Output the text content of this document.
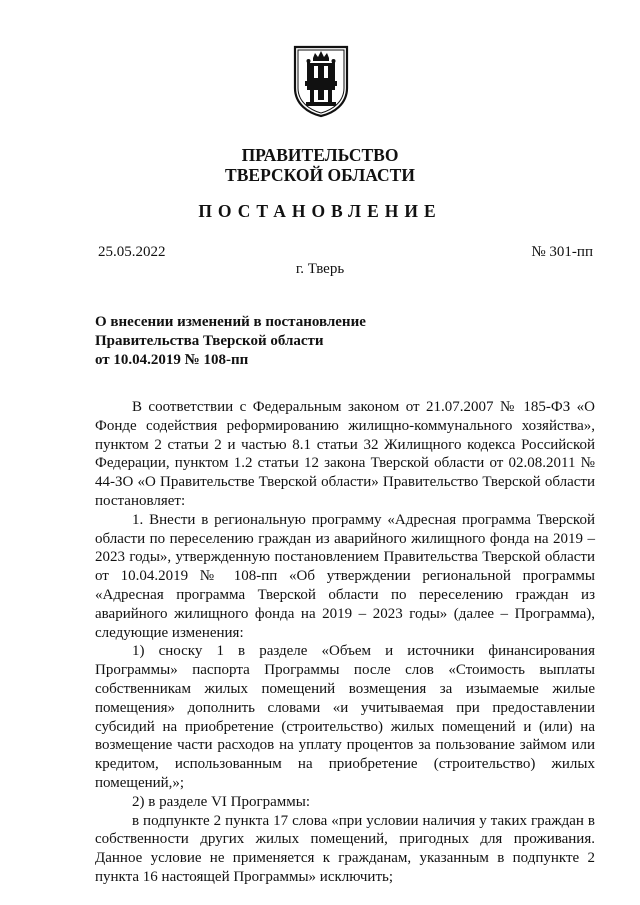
ПРАВИТЕЛЬСТВО
ТВЕРСКОЙ ОБЛАСТИ
ПОСТАНОВЛЕНИЕ
25.05.2022	№ 301-пп
г. Тверь
О внесении изменений в постановление
Правительства Тверской области
от 10.04.2019 № 108-пп

В соответствии с Федеральным законом от 21.07.2007 № 185-ФЗ «О Фонде содействия реформированию жилищно-коммунального хозяйства», пунктом 2 статьи 2 и частью 8.1 статьи 32 Жилищного кодекса Российской Федерации, пунктом 1.2 статьи 12 закона Тверской области от 02.08.2011 № 44-ЗО «О Правительстве Тверской области» Правительство Тверской области постановляет:

1. Внести в региональную программу «Адресная программа Тверской области по переселению граждан из аварийного жилищного фонда на 2019 – 2023 годы», утвержденную постановлением Правительства Тверской области от 10.04.2019 № 108-пп «Об утверждении региональной программы «Адресная программа Тверской области по переселению граждан из аварийного жилищного фонда на 2019 – 2023 годы» (далее – Программа), следующие изменения:

1) сноску 1 в разделе «Объем и источники финансирования Программы» паспорта Программы после слов «Стоимость выплаты собственникам жилых помещений возмещения за изымаемые жилые помещения» дополнить словами «и учитываемая при предоставлении субсидий на приобретение (строительство) жилых помещений и (или) на возмещение части расходов на уплату процентов за пользование займом или кредитом, использованным на приобретение (строительство) жилых помещений,»;

2) в разделе VI Программы:

в подпункте 2 пункта 17 слова «при условии наличия у таких граждан в собственности других жилых помещений, пригодных для проживания. Данное условие не применяется к гражданам, указанным в подпункте 2 пункта 16 настоящей Программы» исключить;
